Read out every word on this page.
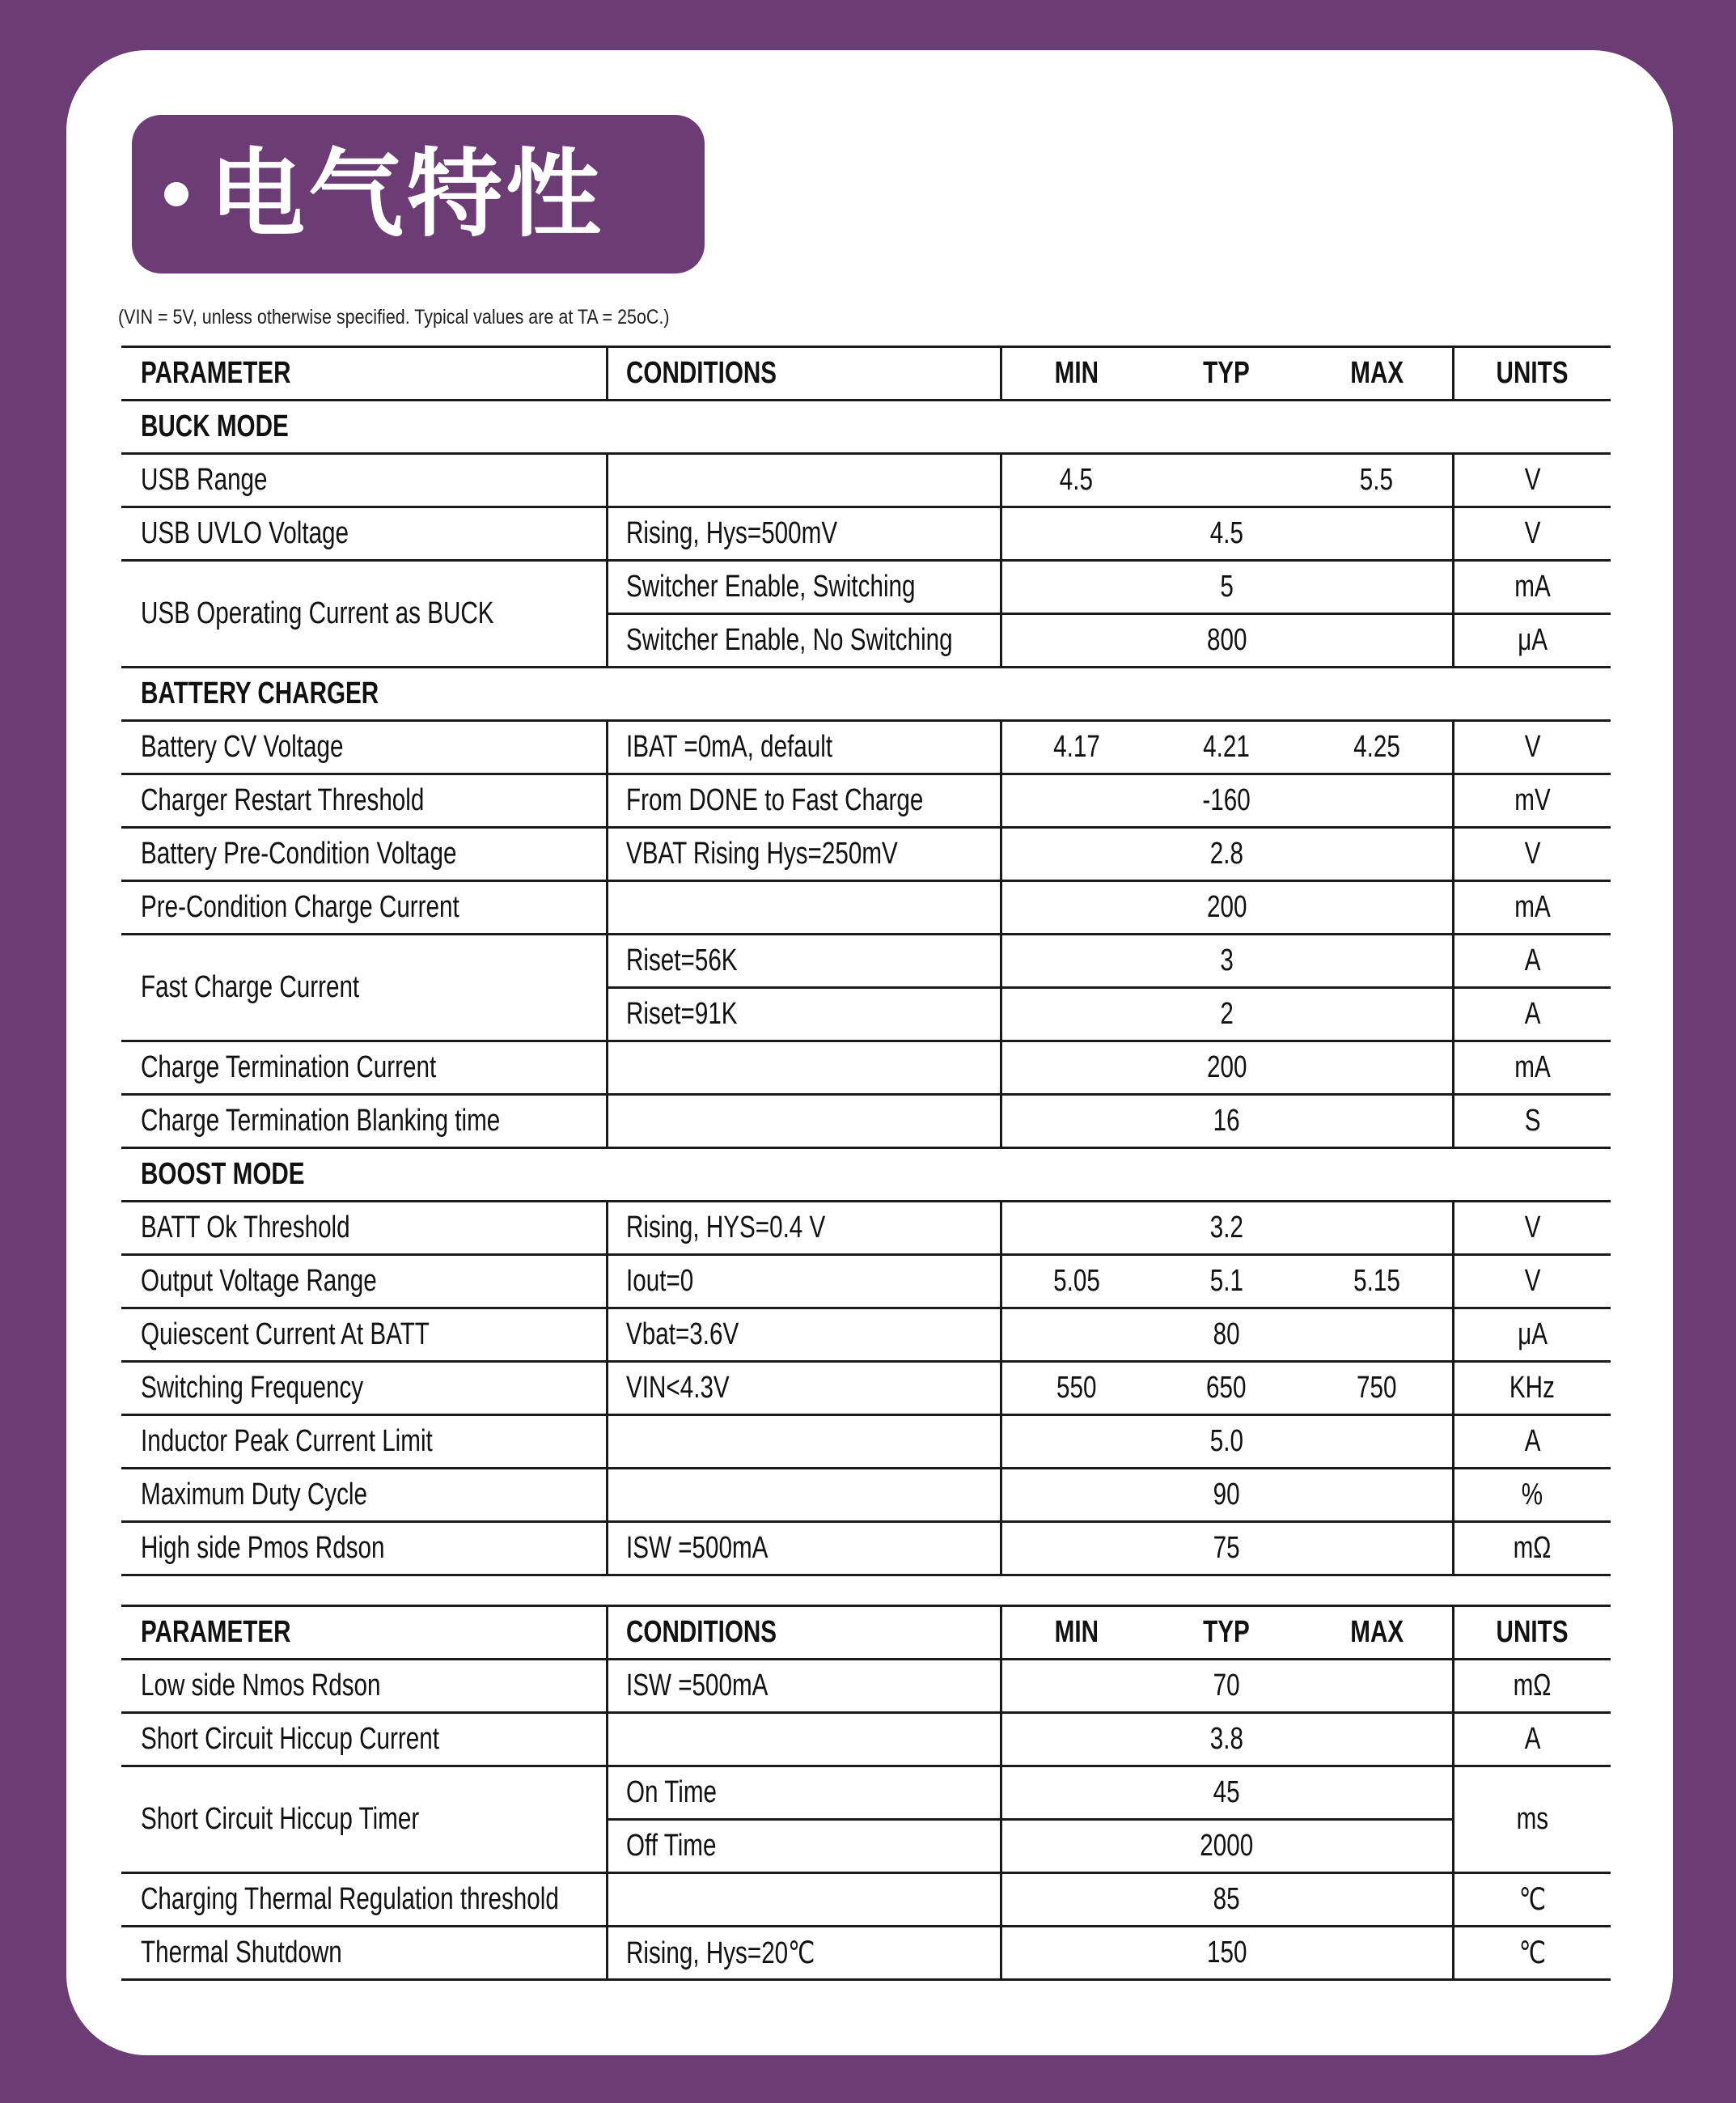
电气特性
(VIN = 5V, unless otherwise specified. Typical values are at TA = 25oC.)
PARAMETER	CONDITIONS	MIN	TYP	MAX	UNITS
BUCK MODE					
USB Range		4.5		5.5	V
USB UVLO Voltage	Rising, Hys=500mV	4.5			V
USB Operating Current as BUCK	Switcher Enable, Switching	5			mA
	Switcher Enable, No Switching	800			μA
BATTERY CHARGER					
Battery CV Voltage	IBAT =0mA, default	4.17	4.21	4.25	V
Charger Restart Threshold	From DONE to Fast Charge	-160			mV
Battery Pre-Condition Voltage	VBAT Rising Hys=250mV	2.8			V
Pre-Condition Charge Current		200			mA
Fast Charge Current	Riset=56K	3			A
	Riset=91K	2			A
Charge Termination Current		200			mA
Charge Termination Blanking time		16			S
BOOST MODE					
BATT Ok Threshold	Rising, HYS=0.4 V	3.2			V
Output Voltage Range	Iout=0	5.05	5.1	5.15	V
Quiescent Current At BATT	Vbat=3.6V	80			μA
Switching Frequency	VIN<4.3V	550	650	750	KHz
Inductor Peak Current Limit		5.0			A
Maximum Duty Cycle		90			%
High side Pmos Rdson	ISW =500mA	75			mΩ
PARAMETER	CONDITIONS	MIN	TYP	MAX	UNITS
Low side Nmos Rdson	ISW =500mA	70			mΩ
Short Circuit Hiccup Current		3.8			A
Short Circuit Hiccup Timer	On Time	45			ms
	Off Time	2000			
Charging Thermal Regulation threshold		85			℃
Thermal Shutdown	Rising, Hys=20℃	150			℃
